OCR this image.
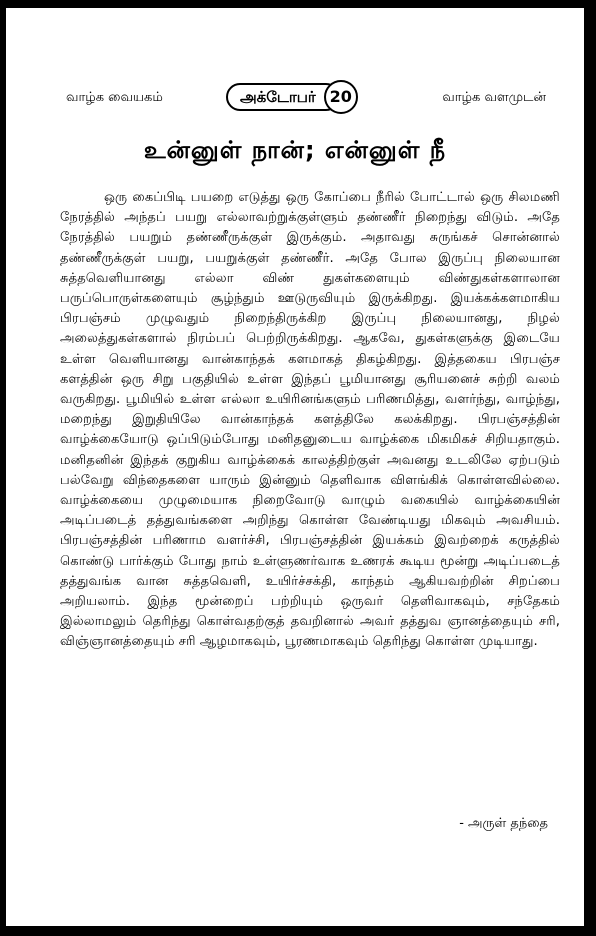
வாழ்க வையகம்	அக்டோபர் 20	வாழ்க வளமுடன்
உன்னுள் நான்; என்னுள் நீ

ஒரு கைப்பிடி பயறை எடுத்து ஒரு கோப்பை நீரில் போட்டால் ஒரு சிலமணி நேரத்தில் அந்தப் பயறு எல்லாவற்றுக்குள்ளும் தண்ணீர் நிறைந்து விடும். அதே நேரத்தில் பயறும் தண்ணீருக்குள் இருக்கும். அதாவது சுருங்கச் சொன்னால் தண்ணீருக்குள் பயறு, பயறுக்குள் தண்ணீர். அதே போல இருப்பு நிலையான சுத்தவெளியானது எல்லா விண் துகள்களையும் விண்துகள்களாலான பருப்பொருள்களையும் சூழ்ந்தும் ஊடுருவியும் இருக்கிறது. இயக்கக்களமாகிய பிரபஞ்சம் முழுவதும் நிறைந்திருக்கிற இருப்பு நிலையானது, நிழல் அலைத்துகள்களால் நிரம்பப் பெற்றிருக்கிறது. ஆகவே, துகள்களுக்கு இடையே உள்ள வெளியானது வான்காந்தக் களமாகத் திகழ்கிறது. இத்தகைய பிரபஞ்ச களத்தின் ஒரு சிறு பகுதியில் உள்ள இந்தப் பூமியானது சூரியனைச் சுற்றி வலம் வருகிறது. பூமியில் உள்ள எல்லா உயிரினங்களும் பரிணமித்து, வளர்ந்து, வாழ்ந்து, மறைந்து இறுதியிலே வான்காந்தக் களத்திலே கலக்கிறது. பிரபஞ்சத்தின் வாழ்க்கையோடு ஒப்பிடும்போது மனிதனுடைய வாழ்க்கை மிகமிகச் சிறியதாகும். மனிதனின் இந்தக் குறுகிய வாழ்க்கைக் காலத்திற்குள் அவனது உடலிலே ஏற்படும் பல்வேறு விந்தைகளை யாரும் இன்னும் தெளிவாக விளங்கிக் கொள்ளவில்லை. வாழ்க்கையை முழுமையாக நிறைவோடு வாழும் வகையில் வாழ்க்கையின் அடிப்படைத் தத்துவங்களை அறிந்து கொள்ள வேண்டியது மிகவும் அவசியம். பிரபஞ்சத்தின் பரிணாம வளர்ச்சி, பிரபஞ்சத்தின் இயக்கம் இவற்றைக் கருத்தில் கொண்டு பார்க்கும் போது நாம் உள்ளுணர்வாக உணரக் கூடிய மூன்று அடிப்படைத் தத்துவங்க வான சுத்தவெளி, உயிர்ச்சக்தி, காந்தம் ஆகியவற்றின் சிறப்பை அறியலாம். இந்த மூன்றைப் பற்றியும் ஒருவர் தெளிவாகவும், சந்தேகம் இல்லாமலும் தெரிந்து கொள்வதற்குத் தவறினால் அவர் தத்துவ ஞானத்தையும் சரி, விஞ்ஞானத்தையும் சரி ஆழமாகவும், பூரணமாகவும் தெரிந்து கொள்ள முடியாது.

- அருள் தந்தை
